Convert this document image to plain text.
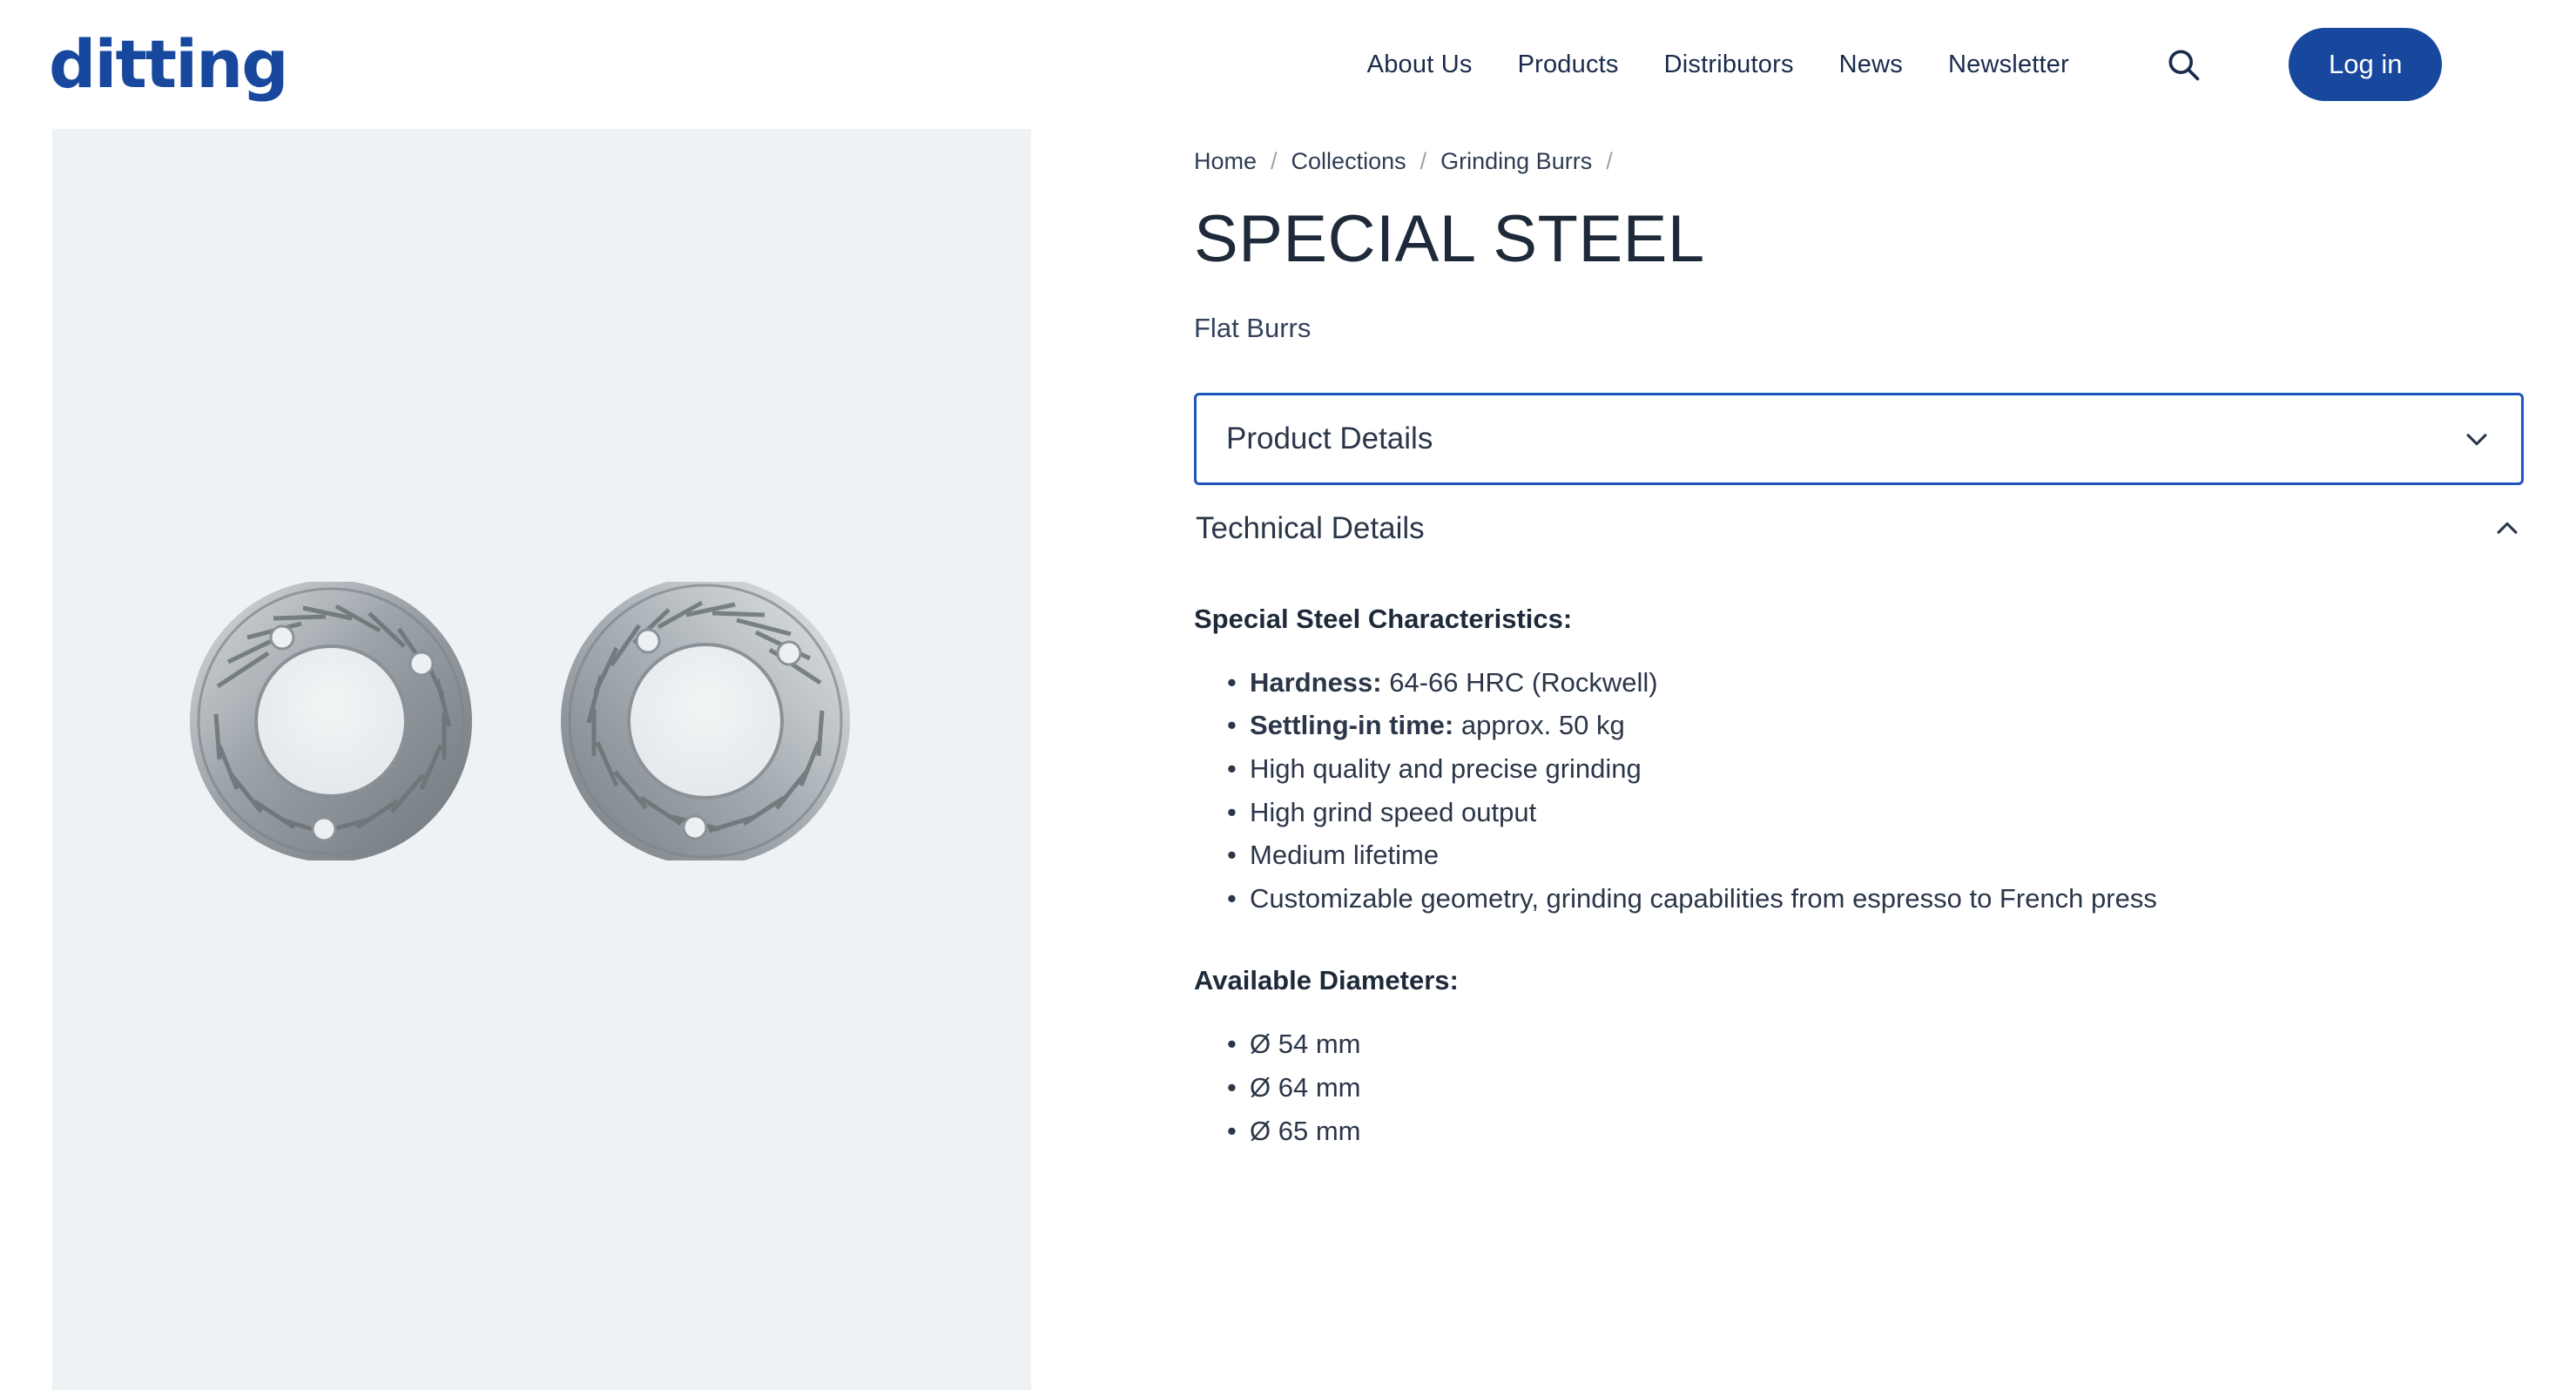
ditting	About Us Products Distributors News Newsletter	Log in
Home / Collections / Grinding Burrs /
SPECIAL STEEL
Flat Burrs
Product Details
Technical Details
Special Steel Characteristics:
• Hardness: 64-66 HRC (Rockwell)
• Settling-in time: approx. 50 kg
• High quality and precise grinding
• High grind speed output
• Medium lifetime
• Customizable geometry, grinding capabilities from espresso to French press
Available Diameters:
• Ø 54 mm
• Ø 64 mm
• Ø 65 mm
